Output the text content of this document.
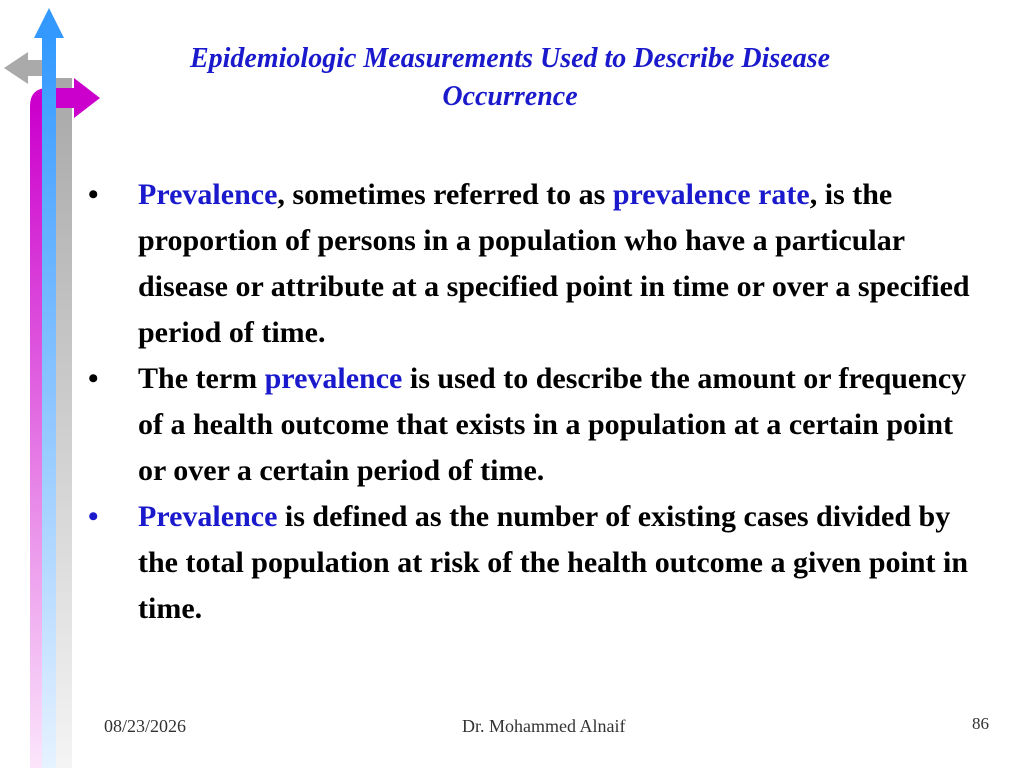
Epidemiologic Measurements Used to Describe Disease Occurrence
•	Prevalence, sometimes referred to as prevalence rate, is the proportion of persons in a population who have a particular disease or attribute at a specified point in time or over a specified period of time.
•	The term prevalence is used to describe the amount or frequency of a health outcome that exists in a population at a certain point or over a certain period of time.
•	Prevalence is defined as the number of existing cases divided by the total population at risk of the health outcome a given point in time.
08/23/2026	Dr. Mohammed Alnaif	86
